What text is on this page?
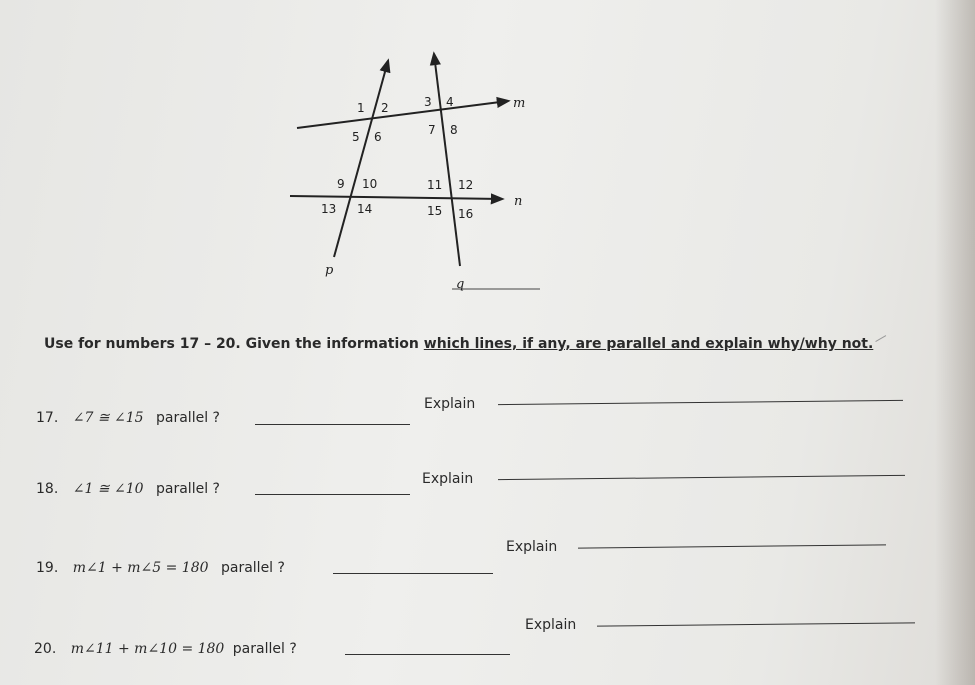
1 2	3 4
5 6	7 8
9 10	11 12
13 14	15 16
m
n
p
q
Use for numbers 17 – 20. Given the information which lines, if any, are parallel and explain why/why not.
17. ∠7 ≅ ∠15 parallel ?
Explain
18. ∠1 ≅ ∠10 parallel ?
Explain
19. m∠1 + m∠5 = 180 parallel ?
Explain
20. m∠11 + m∠10 = 180 parallel ?
Explain
